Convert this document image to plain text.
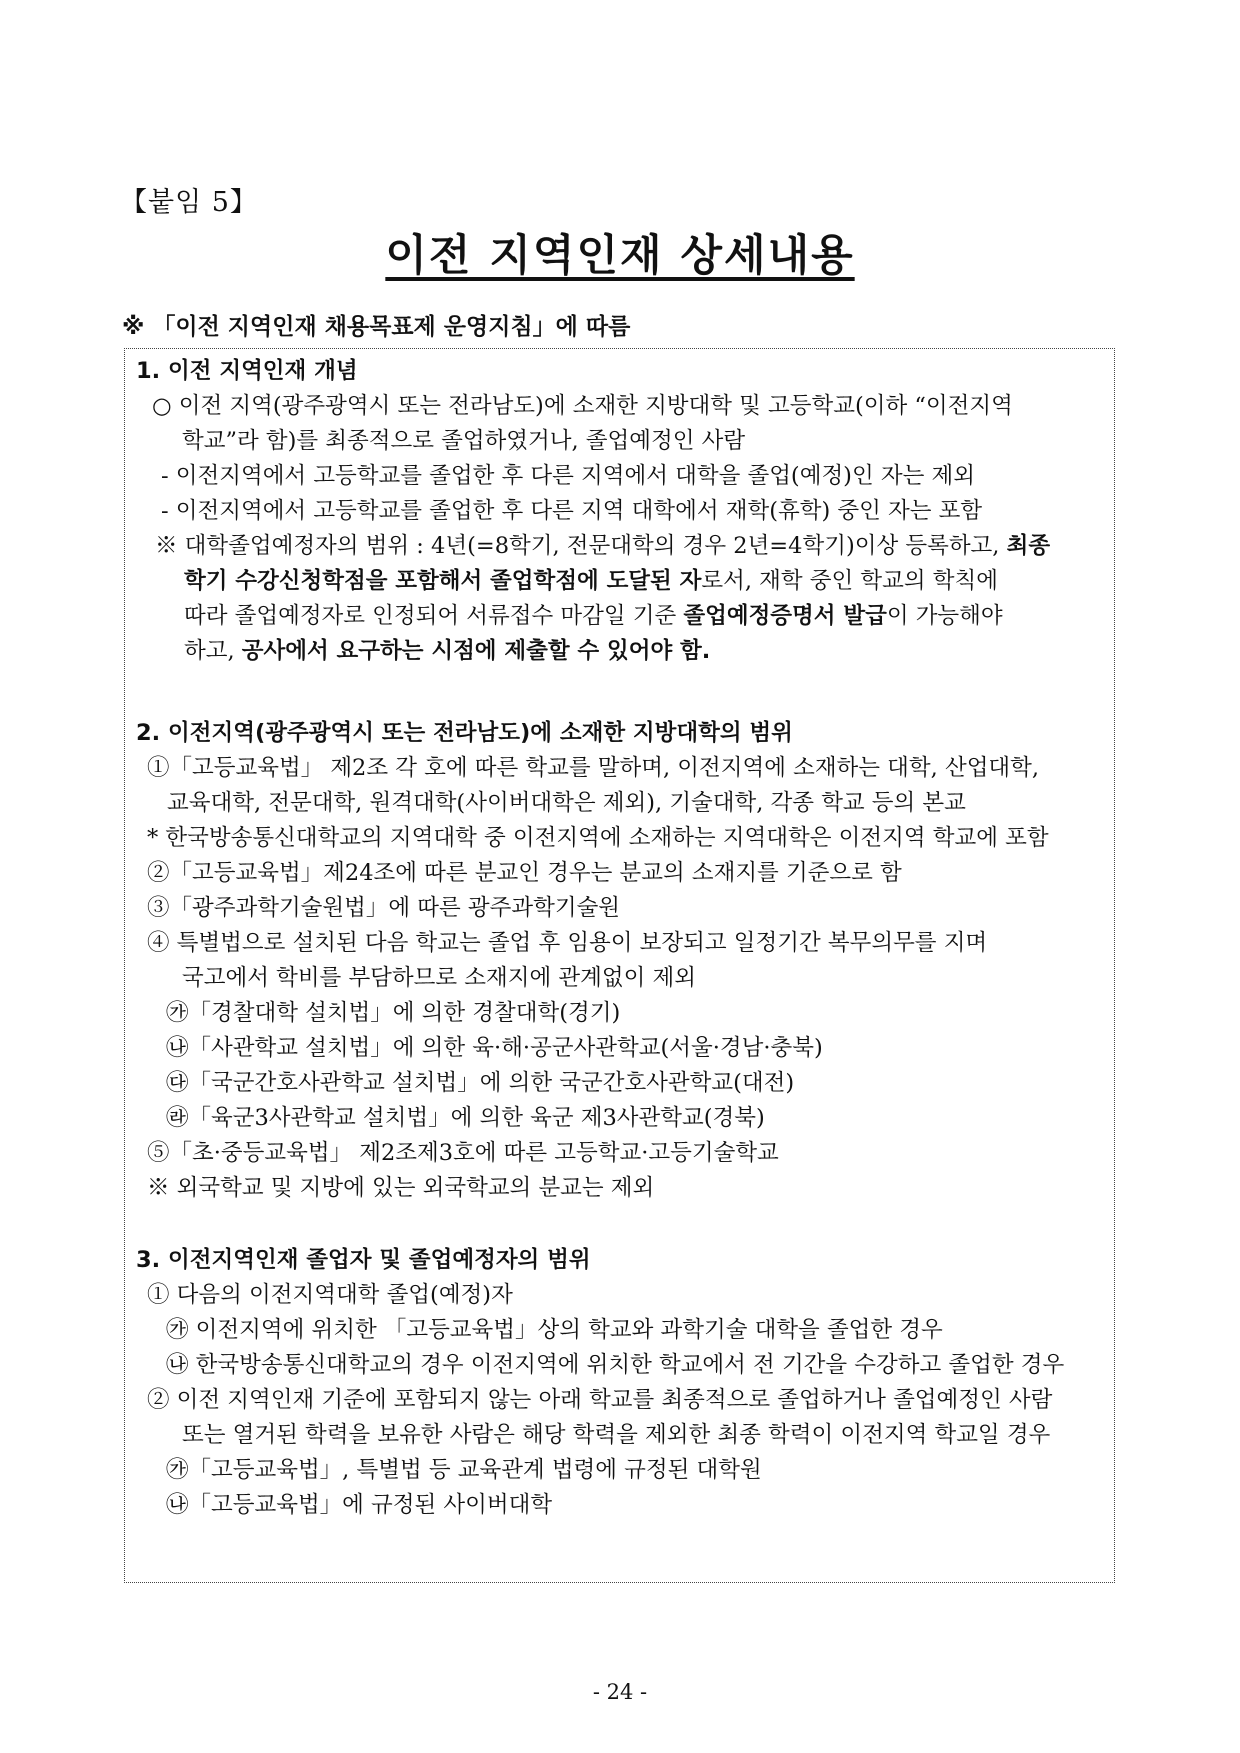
【붙임 5】
이전 지역인재 상세내용
※ 「이전 지역인재 채용목표제 운영지침」에 따름
1. 이전 지역인재 개념
○ 이전 지역(광주광역시 또는 전라남도)에 소재한 지방대학 및 고등학교(이하 “이전지역
학교”라 함)를 최종적으로 졸업하였거나, 졸업예정인 사람
- 이전지역에서 고등학교를 졸업한 후 다른 지역에서 대학을 졸업(예정)인 자는 제외
- 이전지역에서 고등학교를 졸업한 후 다른 지역 대학에서 재학(휴학) 중인 자는 포함
※ 대학졸업예정자의 범위 : 4년(=8학기, 전문대학의 경우 2년=4학기)이상 등록하고, 최종
학기 수강신청학점을 포함해서 졸업학점에 도달된 자로서, 재학 중인 학교의 학칙에
따라 졸업예정자로 인정되어 서류접수 마감일 기준 졸업예정증명서 발급이 가능해야
하고, 공사에서 요구하는 시점에 제출할 수 있어야 함.
2. 이전지역(광주광역시 또는 전라남도)에 소재한 지방대학의 범위
①「고등교육법」 제2조 각 호에 따른 학교를 말하며, 이전지역에 소재하는 대학, 산업대학,
교육대학, 전문대학, 원격대학(사이버대학은 제외), 기술대학, 각종 학교 등의 본교
* 한국방송통신대학교의 지역대학 중 이전지역에 소재하는 지역대학은 이전지역 학교에 포함
②「고등교육법」제24조에 따른 분교인 경우는 분교의 소재지를 기준으로 함
③「광주과학기술원법」에 따른 광주과학기술원
④ 특별법으로 설치된 다음 학교는 졸업 후 임용이 보장되고 일정기간 복무의무를 지며
국고에서 학비를 부담하므로 소재지에 관계없이 제외
㉮「경찰대학 설치법」에 의한 경찰대학(경기)
㉯「사관학교 설치법」에 의한 육·해·공군사관학교(서울·경남·충북)
㉰「국군간호사관학교 설치법」에 의한 국군간호사관학교(대전)
㉱「육군3사관학교 설치법」에 의한 육군 제3사관학교(경북)
⑤「초·중등교육법」 제2조제3호에 따른 고등학교·고등기술학교
※ 외국학교 및 지방에 있는 외국학교의 분교는 제외
3. 이전지역인재 졸업자 및 졸업예정자의 범위
① 다음의 이전지역대학 졸업(예정)자
㉮ 이전지역에 위치한 「고등교육법」상의 학교와 과학기술 대학을 졸업한 경우
㉯ 한국방송통신대학교의 경우 이전지역에 위치한 학교에서 전 기간을 수강하고 졸업한 경우
② 이전 지역인재 기준에 포함되지 않는 아래 학교를 최종적으로 졸업하거나 졸업예정인 사람
또는 열거된 학력을 보유한 사람은 해당 학력을 제외한 최종 학력이 이전지역 학교일 경우
㉮「고등교육법」, 특별법 등 교육관계 법령에 규정된 대학원
㉯「고등교육법」에 규정된 사이버대학
- 24 -
